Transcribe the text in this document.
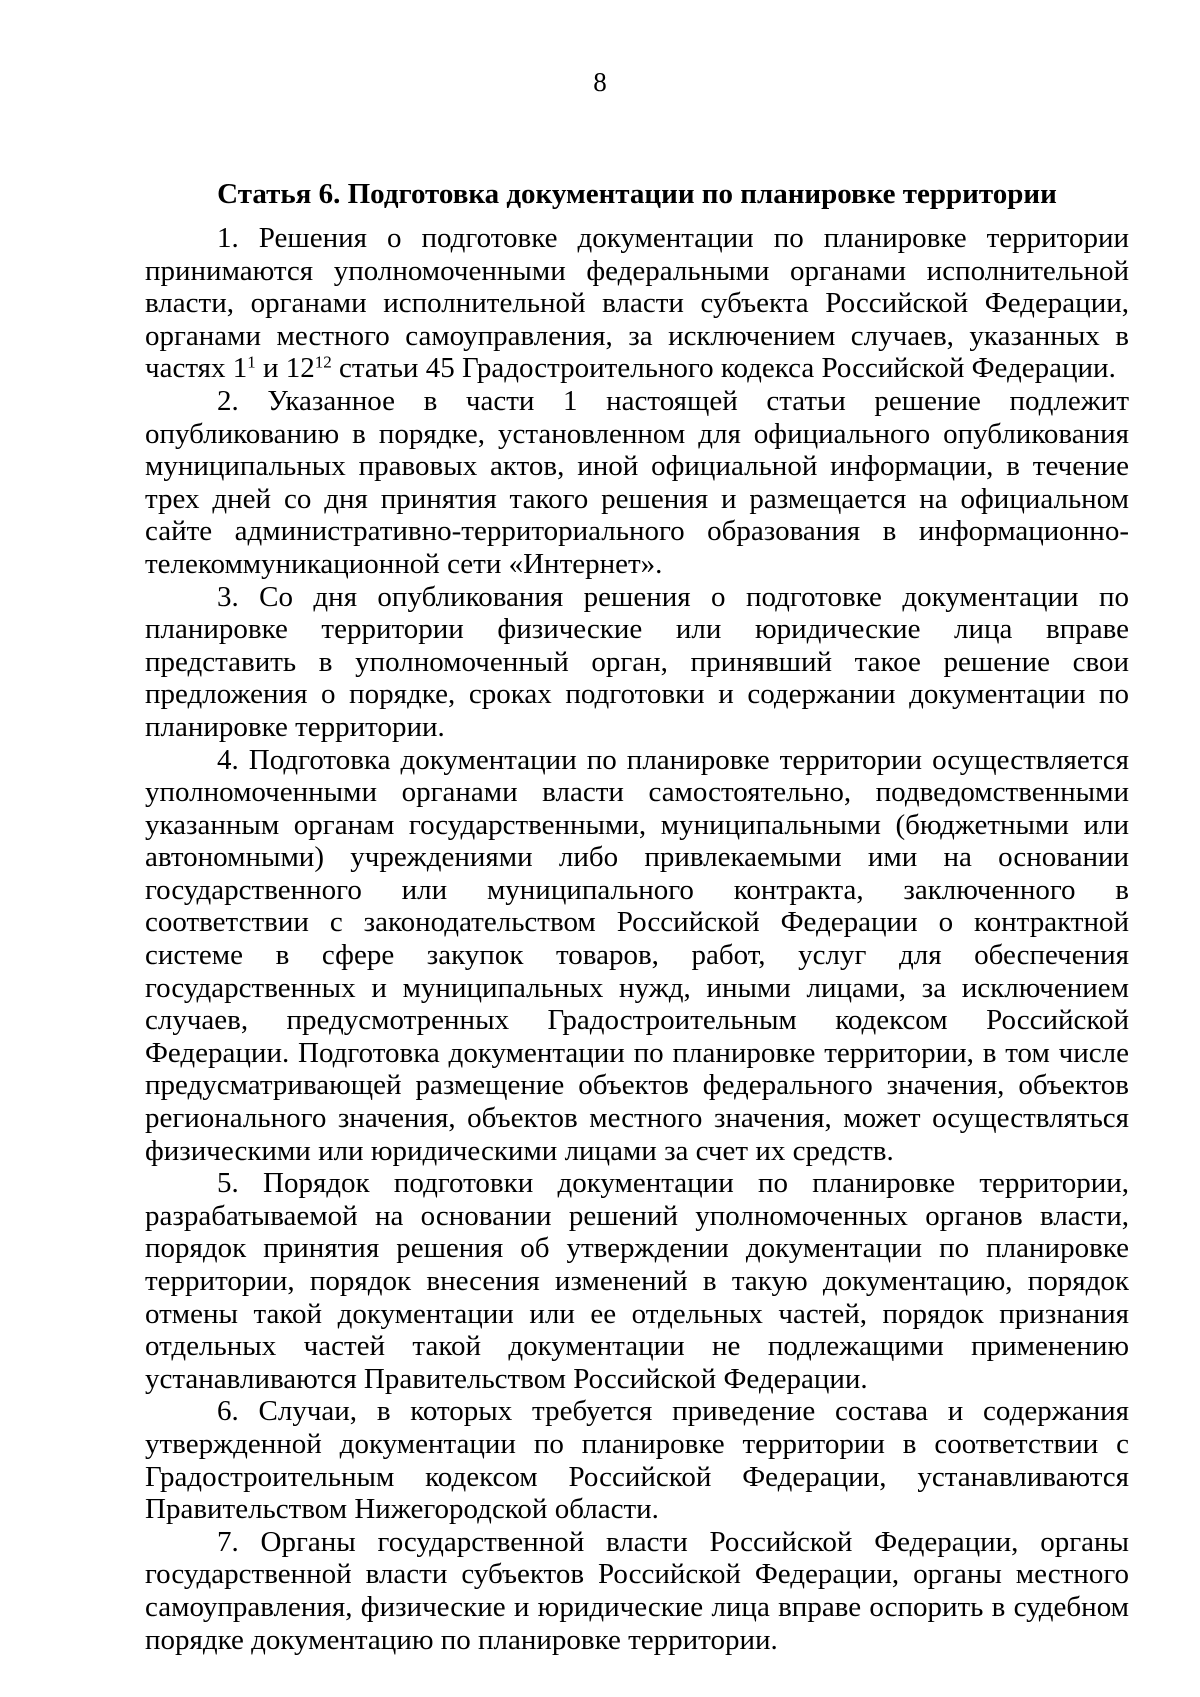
8
Статья 6. Подготовка документации по планировке территории

1. Решения о подготовке документации по планировке территории принимаются уполномоченными федеральными органами исполнительной власти, органами исполнительной власти субъекта Российской Федерации, органами местного самоуправления, за исключением случаев, указанных в частях $1^1$ и $12^{12}$ статьи 45 Градостроительного кодекса Российской Федерации.

2. Указанное в части 1 настоящей статьи решение подлежит опубликованию в порядке, установленном для официального опубликования муниципальных правовых актов, иной официальной информации, в течение трех дней со дня принятия такого решения и размещается на официальном сайте административно-территориального образования в информационно-телекоммуникационной сети «Интернет».

3. Со дня опубликования решения о подготовке документации по планировке территории физические или юридические лица вправе представить в уполномоченный орган, принявший такое решение свои предложения о порядке, сроках подготовки и содержании документации по планировке территории.

4. Подготовка документации по планировке территории осуществляется уполномоченными органами власти самостоятельно, подведомственными указанным органам государственными, муниципальными (бюджетными или автономными) учреждениями либо привлекаемыми ими на основании государственного или муниципального контракта, заключенного в соответствии с законодательством Российской Федерации о контрактной системе в сфере закупок товаров, работ, услуг для обеспечения государственных и муниципальных нужд, иными лицами, за исключением случаев, предусмотренных Градостроительным кодексом Российской Федерации. Подготовка документации по планировке территории, в том числе предусматривающей размещение объектов федерального значения, объектов регионального значения, объектов местного значения, может осуществляться физическими или юридическими лицами за счет их средств.

5. Порядок подготовки документации по планировке территории, разрабатываемой на основании решений уполномоченных органов власти, порядок принятия решения об утверждении документации по планировке территории, порядок внесения изменений в такую документацию, порядок отмены такой документации или ее отдельных частей, порядок признания отдельных частей такой документации не подлежащими применению устанавливаются Правительством Российской Федерации.

6. Случаи, в которых требуется приведение состава и содержания утвержденной документации по планировке территории в соответствии с Градостроительным кодексом Российской Федерации, устанавливаются Правительством Нижегородской области.

7. Органы государственной власти Российской Федерации, органы государственной власти субъектов Российской Федерации, органы местного самоуправления, физические и юридические лица вправе оспорить в судебном порядке документацию по планировке территории.
